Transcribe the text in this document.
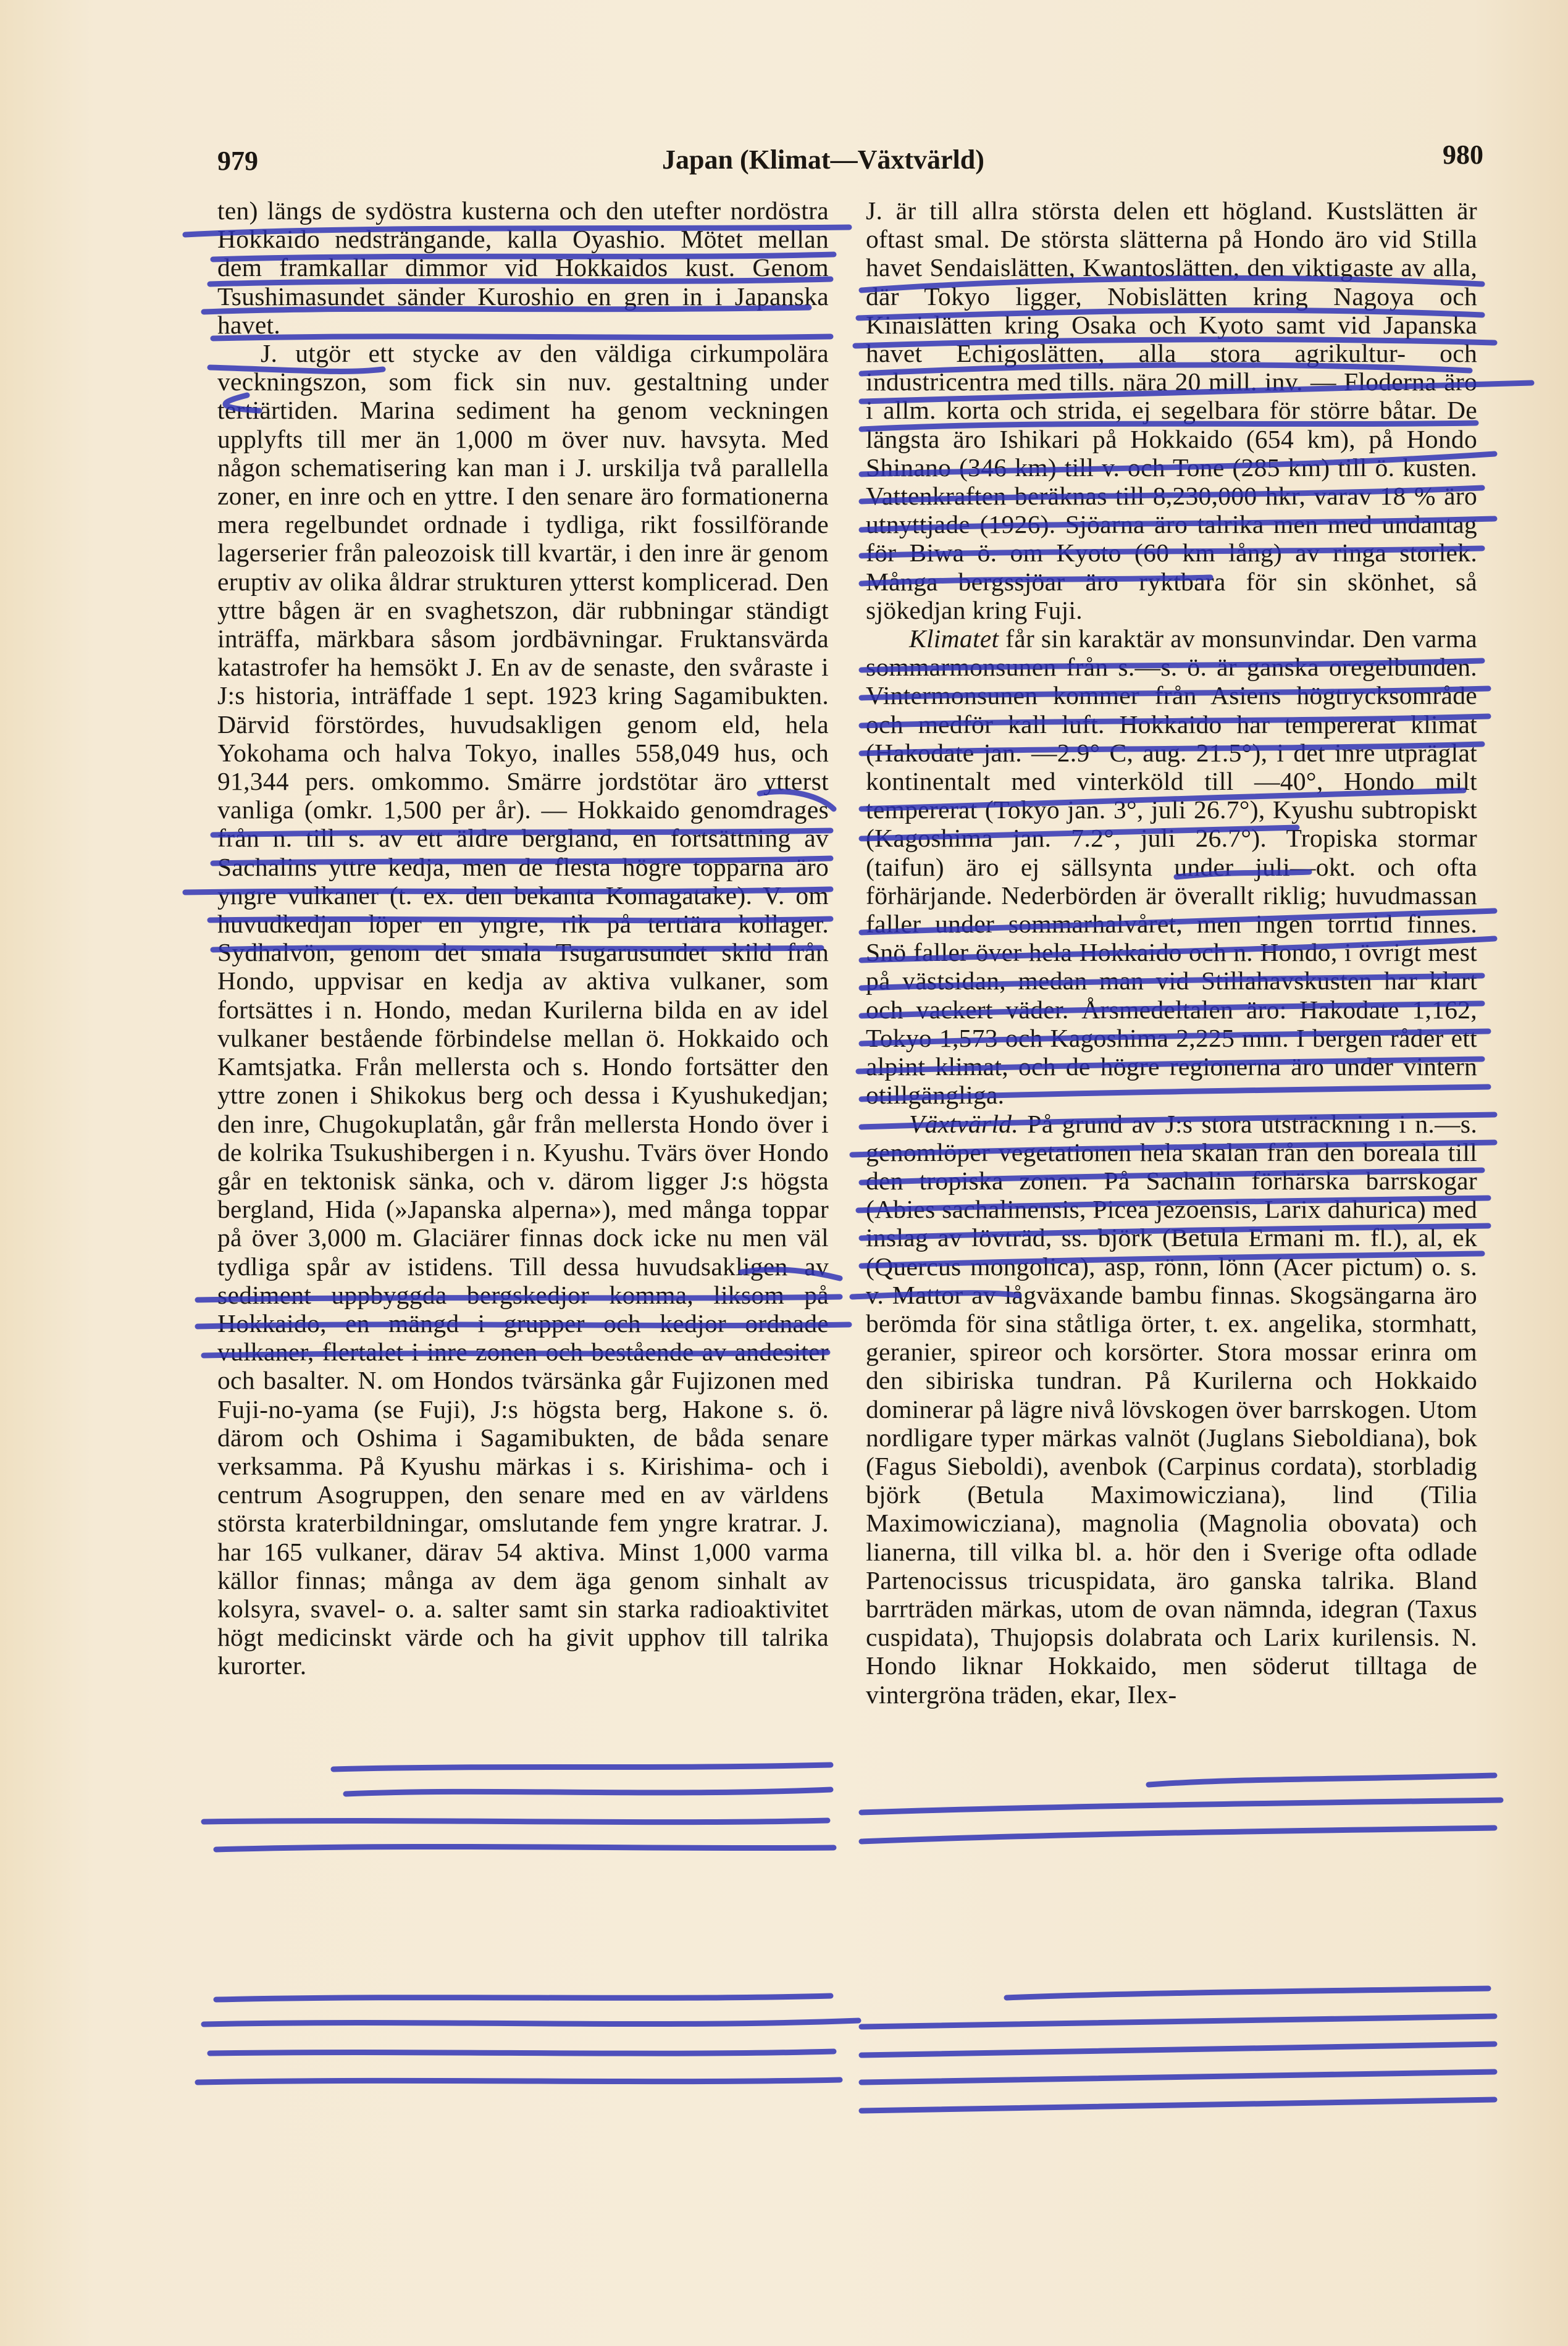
979	Japan (Klimat—Växtvärld)	980

ten) längs de sydöstra kusterna och den utefter nordöstra Hokkaido nedsträngande, kalla Oyashio. Mötet mellan dem framkallar dimmor vid Hokkaidos kust. Genom Tsushimasundet sänder Kuroshio en gren in i Japanska havet.

J. utgör ett stycke av den väldiga cirkumpolära veckningszon, som fick sin nuv. gestaltning under tertiärtiden. Marina sediment ha genom veckningen upplyfts till mer än 1,000 m över nuv. havsyta. Med någon schematisering kan man i J. urskilja två parallella zoner, en inre och en yttre. I den senare äro formationerna mera regelbundet ordnade i tydliga, rikt fossilförande lagerserier från paleozoisk till kvartär, i den inre är genom eruptiv av olika åldrar strukturen ytterst komplicerad. Den yttre bågen är en svaghetszon, där rubbningar ständigt inträffa, märkbara såsom jordbävningar. Fruktansvärda katastrofer ha hemsökt J. En av de senaste, den svåraste i J:s historia, inträffade 1 sept. 1923 kring Sagamibukten. Därvid förstördes, huvudsakligen genom eld, hela Yokohama och halva Tokyo, inalles 558,049 hus, och 91,344 pers. omkommo. Smärre jordstötar äro ytterst vanliga (omkr. 1,500 per år). — Hokkaido genomdrages från n. till s. av ett äldre bergland, en fortsättning av Sachalins yttre kedja, men de flesta högre topparna äro yngre vulkaner (t. ex. den bekanta Komagatake). V. om huvudkedjan löper en yngre, rik på tertiära kollager. Sydhalvön, genom det smala Tsugarusundet skild från Hondo, uppvisar en kedja av aktiva vulkaner, som fortsättes i n. Hondo, medan Kurilerna bilda en av idel vulkaner bestående förbindelse mellan ö. Hokkaido och Kamtsjatka. Från mellersta och s. Hondo fortsätter den yttre zonen i Shikokus berg och dessa i Kyushukedjan; den inre, Chugokuplatån, går från mellersta Hondo över i de kolrika Tsukushibergen i n. Kyushu. Tvärs över Hondo går en tektonisk sänka, och v. därom ligger J:s högsta bergland, Hida (»Japanska alperna»), med många toppar på över 3,000 m. Glaciärer finnas dock icke nu men väl tydliga spår av istidens. Till dessa huvudsakligen av sediment uppbyggda bergskedjor komma, liksom på Hokkaido, en mängd i grupper och kedjor ordnade vulkaner, flertalet i inre zonen och bestående av andesiter och basalter. N. om Hondos tvärsänka går Fujizonen med Fuji-no-yama (se Fuji), J:s högsta berg, Hakone s. ö. därom och Oshima i Sagamibukten, de båda senare verksamma. På Kyushu märkas i s. Kirishima- och i centrum Asogruppen, den senare med en av världens största kraterbildningar, omslutande fem yngre kratrar. J. har 165 vulkaner, därav 54 aktiva. Minst 1,000 varma källor finnas; många av dem äga genom sinhalt av kolsyra, svavel- o. a. salter samt sin starka radioaktivitet högt medicinskt värde och ha givit upphov till talrika kurorter.

J. är till allra största delen ett högland. Kustslätten är oftast smal. De största slätterna på Hondo äro vid Stilla havet Sendaislätten, Kwantoslätten, den viktigaste av alla, där Tokyo ligger, Nobislätten kring Nagoya och Kinaislätten kring Osaka och Kyoto samt vid Japanska havet Echigoslätten, alla stora agrikultur- och industricentra med tills. nära 20 mill. inv. — Floderna äro i allm. korta och strida, ej segelbara för större båtar. De längsta äro Ishikari på Hokkaido (654 km), på Hondo Shinano (346 km) till v. och Tone (285 km) till ö. kusten. Vattenkraften beräknas till 8,230,000 hkr, varav 18 % äro utnyttjade (1926). Sjöarna äro talrika men med undantag för Biwa ö. om Kyoto (60 km lång) av ringa storlek. Många bergssjöar äro ryktbara för sin skönhet, så sjökedjan kring Fuji.

Klimatet får sin karaktär av monsunvindar. Den varma sommarmonsunen från s.—s. ö. är ganska oregelbunden. Vintermonsunen kommer från Asiens högtrycksområde och medför kall luft. Hokkaido har tempererat klimat (Hakodate jan. —2.9° C, aug. 21.5°), i det inre utpräglat kontinentalt med vinterköld till —40°, Hondo milt tempererat (Tokyo jan. 3°, juli 26.7°), Kyushu subtropiskt (Kagoshima jan. 7.2°, juli 26.7°). Tropiska stormar (taifun) äro ej sällsynta under juli—okt. och ofta förhärjande. Nederbörden är överallt riklig; huvudmassan faller under sommarhalvåret, men ingen torrtid finnes. Snö faller över hela Hokkaido och n. Hondo, i övrigt mest på västsidan, medan man vid Stillahavskusten har klart och vackert väder. Årsmedeltalen äro: Hakodate 1,162, Tokyo 1,573 och Kagoshima 2,225 mm. I bergen råder ett alpint klimat, och de högre regionerna äro under vintern otillgängliga.

Växtvärld. På grund av J:s stora utsträckning i n.—s. genomlöper vegetationen hela skalan från den boreala till den tropiska zonen. På Sachalin förhärska barrskogar (Abies sachalinensis, Picea jezoensis, Larix dahurica) med inslag av lövträd, ss. björk (Betula Ermani m. fl.), al, ek (Quercus mongolica), asp, rönn, lönn (Acer pictum) o. s. v. Mattor av lågväxande bambu finnas. Skogsängarna äro berömda för sina ståtliga örter, t. ex. angelika, stormhatt, geranier, spireor och korsörter. Stora mossar erinra om den sibiriska tundran. På Kurilerna och Hokkaido dominerar på lägre nivå lövskogen över barrskogen. Utom nordligare typer märkas valnöt (Juglans Sieboldiana), bok (Fagus Sieboldi), avenbok (Carpinus cordata), storbladig björk (Betula Maximowicziana), lind (Tilia Maximowicziana), magnolia (Magnolia obovata) och lianerna, till vilka bl. a. hör den i Sverige ofta odlade Partenocissus tricuspidata, äro ganska talrika. Bland barrträden märkas, utom de ovan nämnda, idegran (Taxus cuspidata), Thujopsis dolabrata och Larix kurilensis. N. Hondo liknar Hokkaido, men söderut tilltaga de vintergröna träden, ekar, Ilex-
